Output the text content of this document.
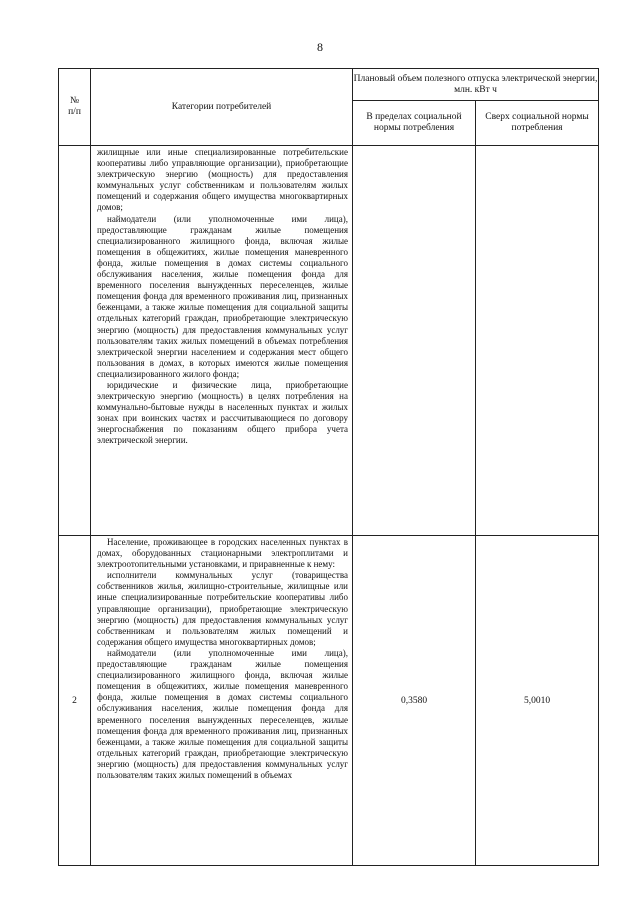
8
№
п/п	Категории потребителей	Плановый объем полезного отпуска электрической энергии, млн. кВт ч	
		В пределах социальной нормы потребления	Сверх социальной нормы потребления

	жилищные или иные специализированные потребительские кооперативы либо управляющие организации), приобретающие электрическую энергию (мощность) для предоставления коммунальных услуг собственникам и пользователям жилых помещений и содержания общего имущества многоквартирных домов;

наймодатели (или уполномоченные ими лица), предоставляющие гражданам жилые помещения специализированного жилищного фонда, включая жилые помещения в общежитиях, жилые помещения маневренного фонда, жилые помещения в домах системы социального обслуживания населения, жилые помещения фонда для временного поселения вынужденных переселенцев, жилые помещения фонда для временного проживания лиц, признанных беженцами, а также жилые помещения для социальной защиты отдельных категорий граждан, приобретающие электрическую энергию (мощность) для предоставления коммунальных услуг пользователям таких жилых помещений в объемах потребления электрической энергии населением и содержания мест общего пользования в домах, в которых имеются жилые помещения специализированного жилого фонда;

юридические и физические лица, приобретающие электрическую энергию (мощность) в целях потребления на коммунально-бытовые нужды в населенных пунктах и жилых зонах при воинских частях и рассчитывающиеся по договору энергоснабжения по показаниям общего прибора учета электрической энергии.		

2	Население, проживающее в городских населенных пунктах в домах, оборудованных стационарными электроплитами и электроотопительными установками, и приравненные к нему:

исполнители коммунальных услуг (товарищества собственников жилья, жилищно-строительные, жилищные или иные специализированные потребительские кооперативы либо управляющие организации), приобретающие электрическую энергию (мощность) для предоставления коммунальных услуг собственникам и пользователям жилых помещений и содержания общего имущества многоквартирных домов;

наймодатели (или уполномоченные ими лица), предоставляющие гражданам жилые помещения специализированного жилищного фонда, включая жилые помещения в общежитиях, жилые помещения маневренного фонда, жилые помещения в домах системы социального обслуживания населения, жилые помещения фонда для временного поселения вынужденных переселенцев, жилые помещения фонда для временного проживания лиц, признанных беженцами, а также жилые помещения для социальной защиты отдельных категорий граждан, приобретающие электрическую энергию (мощность) для предоставления коммунальных услуг пользователям таких жилых помещений в объемах	0,3580	5,0010
